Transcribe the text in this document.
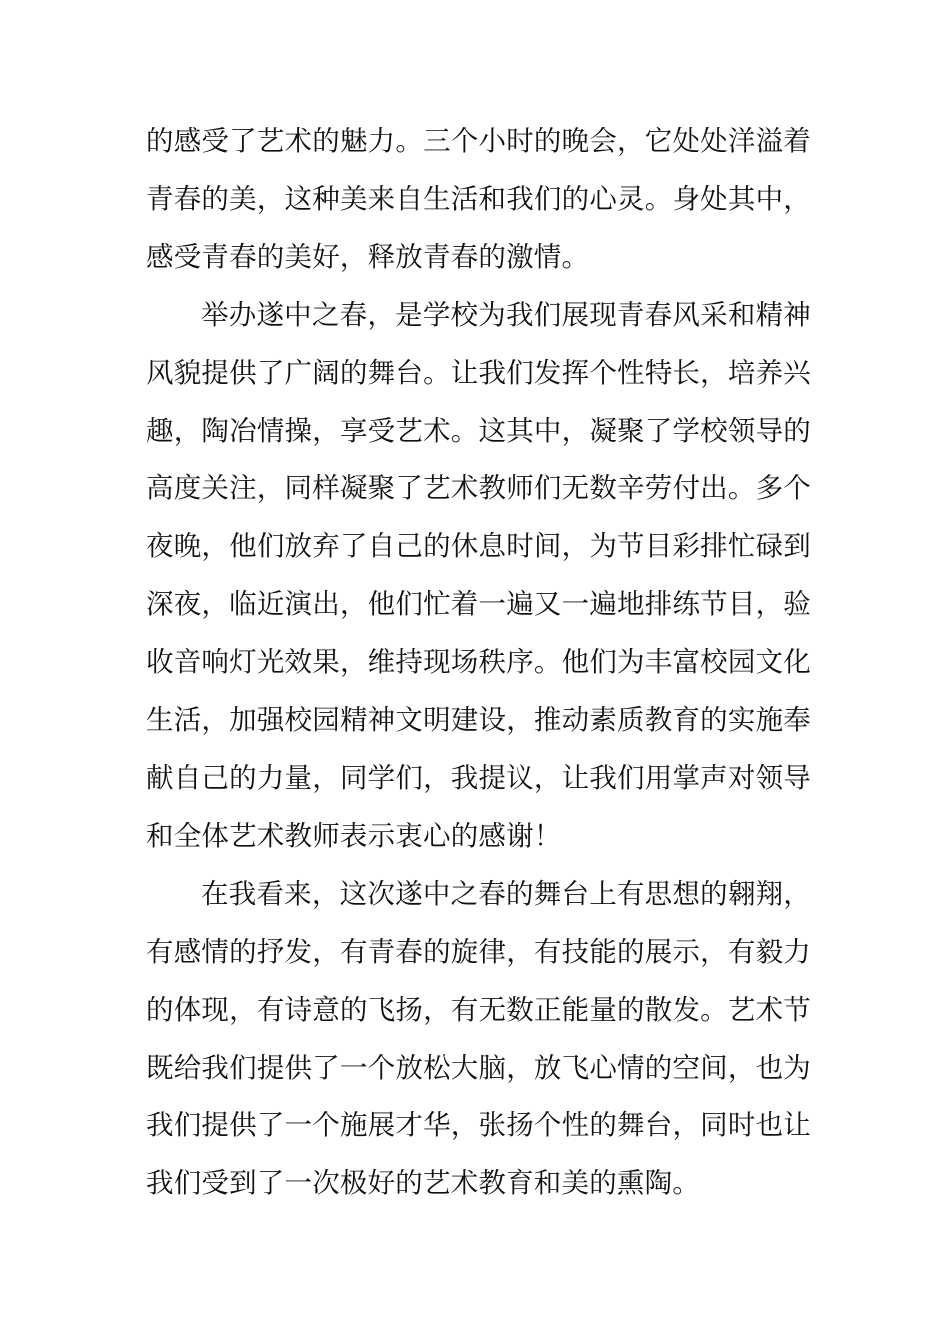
的感受了艺术的魅力。三个小时的晚会，它处处洋溢着青春的美，这种美来自生活和我们的心灵。身处其中，感受青春的美好，释放青春的激情。

举办遂中之春，是学校为我们展现青春风采和精神风貌提供了广阔的舞台。让我们发挥个性特长，培养兴趣，陶冶情操，享受艺术。这其中，凝聚了学校领导的高度关注，同样凝聚了艺术教师们无数辛劳付出。多个夜晚，他们放弃了自己的休息时间，为节目彩排忙碌到深夜，临近演出，他们忙着一遍又一遍地排练节目，验收音响灯光效果，维持现场秩序。他们为丰富校园文化生活，加强校园精神文明建设，推动素质教育的实施奉献自己的力量，同学们，我提议，让我们用掌声对领导和全体艺术教师表示衷心的感谢！

在我看来，这次遂中之春的舞台上有思想的翱翔，有感情的抒发，有青春的旋律，有技能的展示，有毅力的体现，有诗意的飞扬，有无数正能量的散发。艺术节既给我们提供了一个放松大脑，放飞心情的空间，也为我们提供了一个施展才华，张扬个性的舞台，同时也让我们受到了一次极好的艺术教育和美的熏陶。
